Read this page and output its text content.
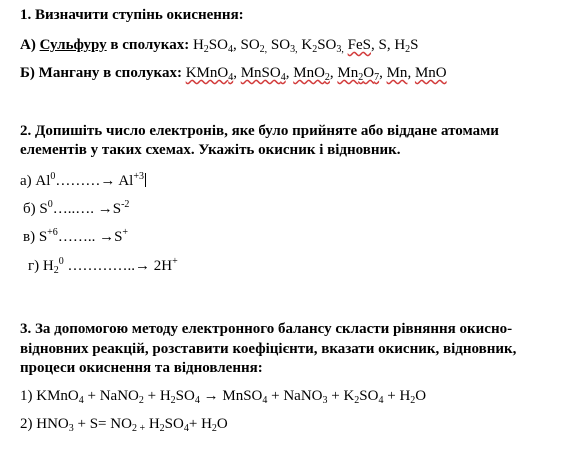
1. Визначити ступінь окиснення:
А) Сульфуру в сполуках: $H_2SO_4$, $SO_{2,}$ $SO_{3,}$ $K_2SO_{3,}$ FeS, S, $H_2S$
Б) Мангану в сполуках: KMnO$_4$, MnSO$_4$, MnO$_2$, $Mn_2O_7$, Mn, MnO
2. Допишіть число електронів, яке було прийняте або віддане атомами
елементів у таких схемах. Укажіть окисник і відновник.
а) $Al^0\dots\dots\dots\to Al^{+3}$
б) $S^0\dots..\dots$. $\to S^{-2}$
в) $S^{+6}\dots\dots$.. →S+
г) $H_2^0$ …………..→ 2H+
3. За допомогою методу електронного балансу скласти рівняння окисно-
відновних реакцій, розставити коефіцієнти, вказати окисник, відновник,
процеси окиснення та відновлення:
1) KMnO$_4$ + NaNO$_2$ + $H_2SO_4$ → MnSO$_4$ + NaNO$_3$ + $K_2SO_4 + H_2O$
2) $HNO_3 + S= NO_{2 +}$ $H_2SO_4+ H_2O$
